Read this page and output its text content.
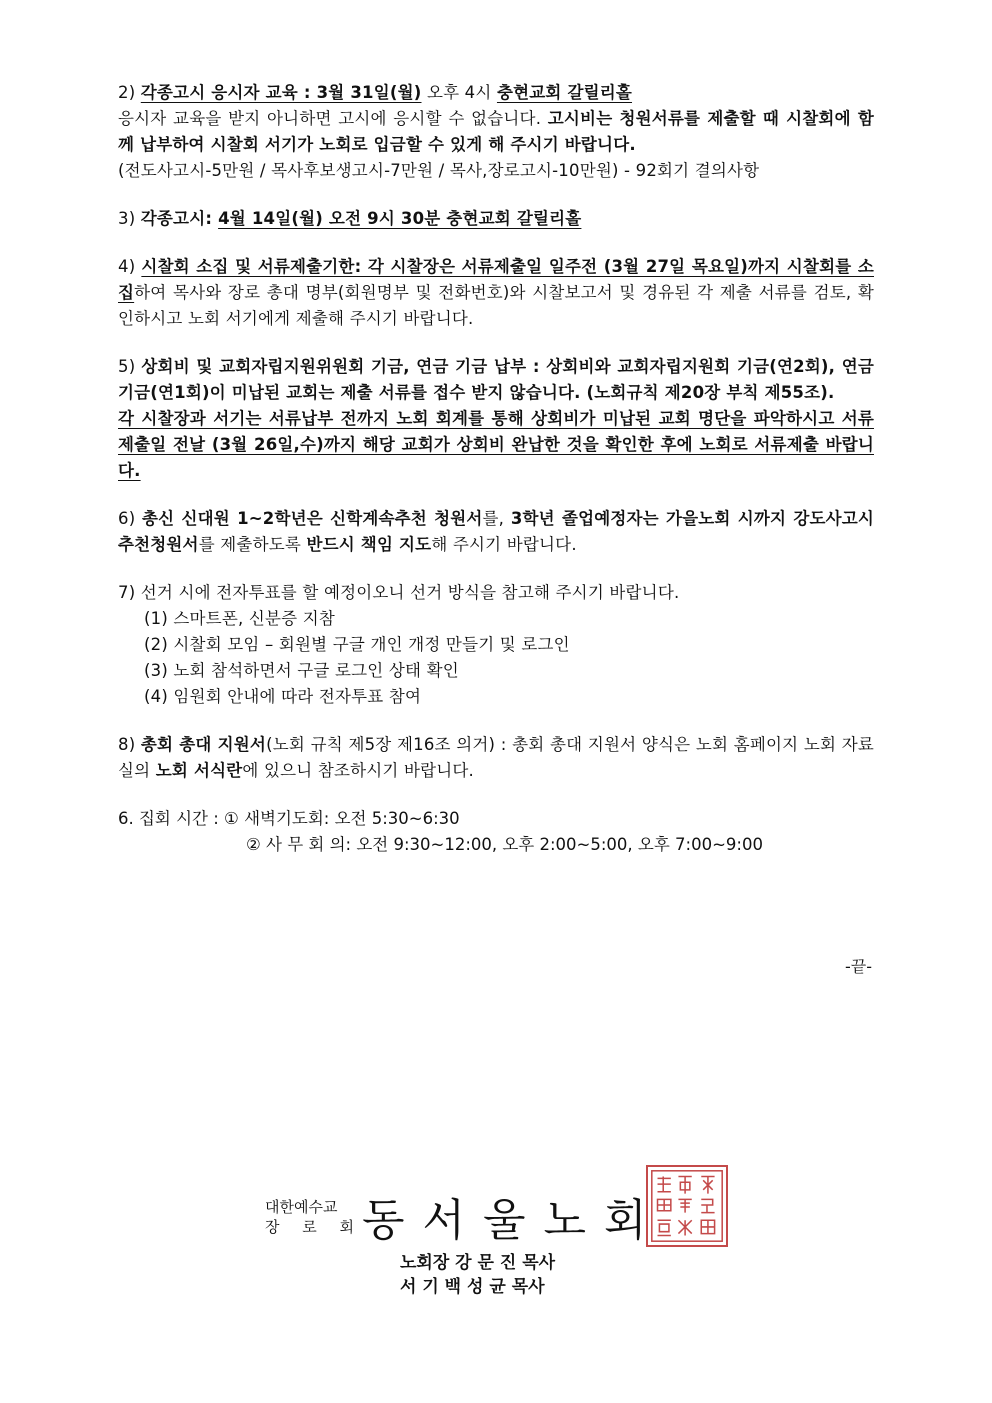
2) 각종고시 응시자 교육 : 3월 31일(월) 오후 4시 충현교회 갈릴리홀
응시자 교육을 받지 아니하면 고시에 응시할 수 없습니다. 고시비는 청원서류를 제출할 때 시찰회에 함께 납부하여 시찰회 서기가 노회로 입금할 수 있게 해 주시기 바랍니다.
(전도사고시-5만원 / 목사후보생고시-7만원 / 목사,장로고시-10만원) - 92회기 결의사항
3) 각종고시: 4월 14일(월) 오전 9시 30분 충현교회 갈릴리홀
4) 시찰회 소집 및 서류제출기한: 각 시찰장은 서류제출일 일주전 (3월 27일 목요일)까지 시찰회를 소집하여 목사와 장로 총대 명부(회원명부 및 전화번호)와 시찰보고서 및 경유된 각 제출 서류를 검토, 확인하시고 노회 서기에게 제출해 주시기 바랍니다.
5) 상회비 및 교회자립지원위원회 기금, 연금 기금 납부 : 상회비와 교회자립지원회 기금(연2회), 연금기금(연1회)이 미납된 교회는 제출 서류를 접수 받지 않습니다. (노회규칙 제20장 부칙 제55조).
각 시찰장과 서기는 서류납부 전까지 노회 회계를 통해 상회비가 미납된 교회 명단을 파악하시고 서류 제출일 전날 (3월 26일,수)까지 해당 교회가 상회비 완납한 것을 확인한 후에 노회로 서류제출 바랍니다.
6) 총신 신대원 1~2학년은 신학계속추천 청원서를, 3학년 졸업예정자는 가을노회 시까지 강도사고시 추천청원서를 제출하도록 반드시 책임 지도해 주시기 바랍니다.
7) 선거 시에 전자투표를 할 예정이오니 선거 방식을 참고해 주시기 바랍니다.
(1) 스마트폰, 신분증 지참
(2) 시찰회 모임 – 회원별 구글 개인 개정 만들기 및 로그인
(3) 노회 참석하면서 구글 로그인 상태 확인
(4) 임원회 안내에 따라 전자투표 참여
8) 총회 총대 지원서(노회 규칙 제5장 제16조 의거) : 총회 총대 지원서 양식은 노회 홈페이지 노회 자료실의 노회 서식란에 있으니 참조하시기 바랍니다.
6. 집회 시간 : ① 새벽기도회: 오전 5:30~6:30
② 사 무 회 의: 오전 9:30~12:00, 오후 2:00~5:00, 오후 7:00~9:00
-끝-
대한예수교
장 로 회
동서울노회
노회장 강 문 진 목사
서 기 백 성 균 목사
